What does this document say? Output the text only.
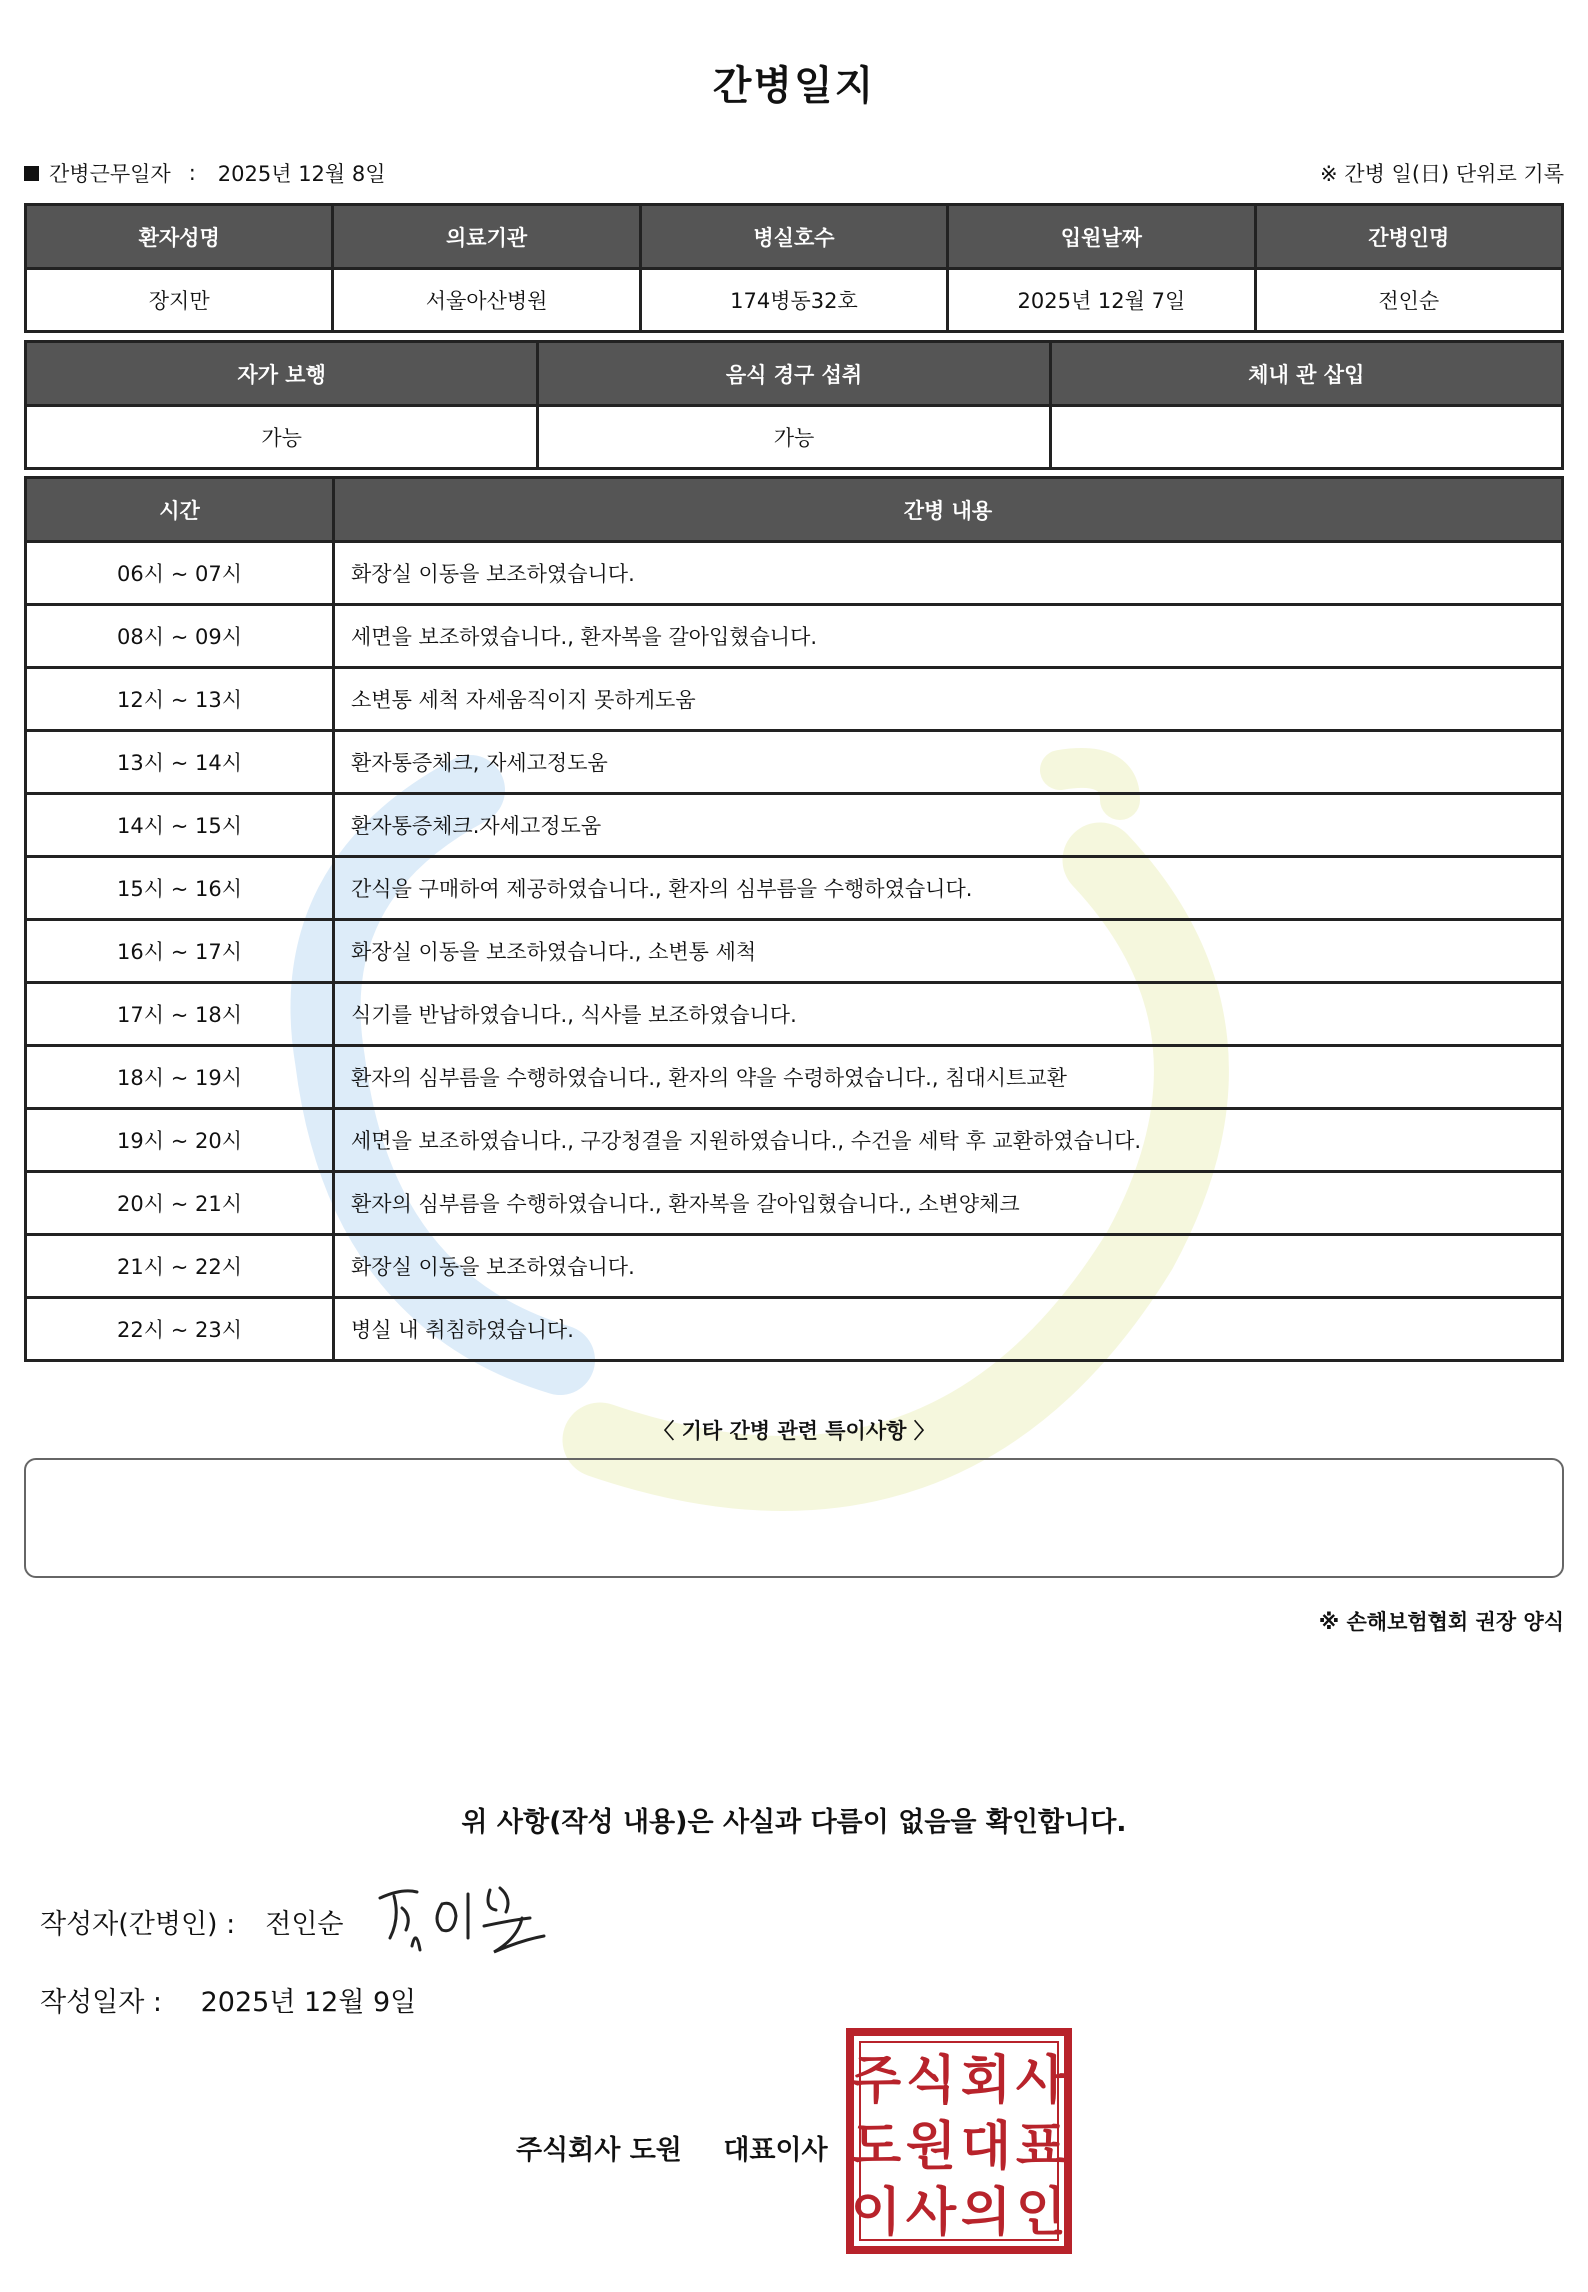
간병일지
간병근무일자 : 2025년 12월 8일	※ 간병 일(日) 단위로 기록
환자성명	의료기관	병실호수	입원날짜	간병인명
장지만	서울아산병원	174병동32호	2025년 12월 7일	전인순
자가 보행	음식 경구 섭취	체내 관 삽입
가능	가능	
시간	간병 내용
06시 ~ 07시	화장실 이동을 보조하였습니다.
08시 ~ 09시	세면을 보조하였습니다., 환자복을 갈아입혔습니다.
12시 ~ 13시	소변통 세척 자세움직이지 못하게도움
13시 ~ 14시	환자통증체크, 자세고정도움
14시 ~ 15시	환자통증체크.자세고정도움
15시 ~ 16시	간식을 구매하여 제공하였습니다., 환자의 심부름을 수행하였습니다.
16시 ~ 17시	화장실 이동을 보조하였습니다., 소변통 세척
17시 ~ 18시	식기를 반납하였습니다., 식사를 보조하였습니다.
18시 ~ 19시	환자의 심부름을 수행하였습니다., 환자의 약을 수령하였습니다., 침대시트교환
19시 ~ 20시	세면을 보조하였습니다., 구강청결을 지원하였습니다., 수건을 세탁 후 교환하였습니다.
20시 ~ 21시	환자의 심부름을 수행하였습니다., 환자복을 갈아입혔습니다., 소변양체크
21시 ~ 22시	화장실 이동을 보조하였습니다.
22시 ~ 23시	병실 내 취침하였습니다.
〈 기타 간병 관련 특이사항 〉
※ 손해보험협회 권장 양식
위 사항(작성 내용)은 사실과 다름이 없음을 확인합니다.
작성자(간병인) : 전인순
작성일자 : 2025년 12월 9일
주식회사 도원 대표이사
주 식 회 사
도 원 대 표
이 사 의 인
